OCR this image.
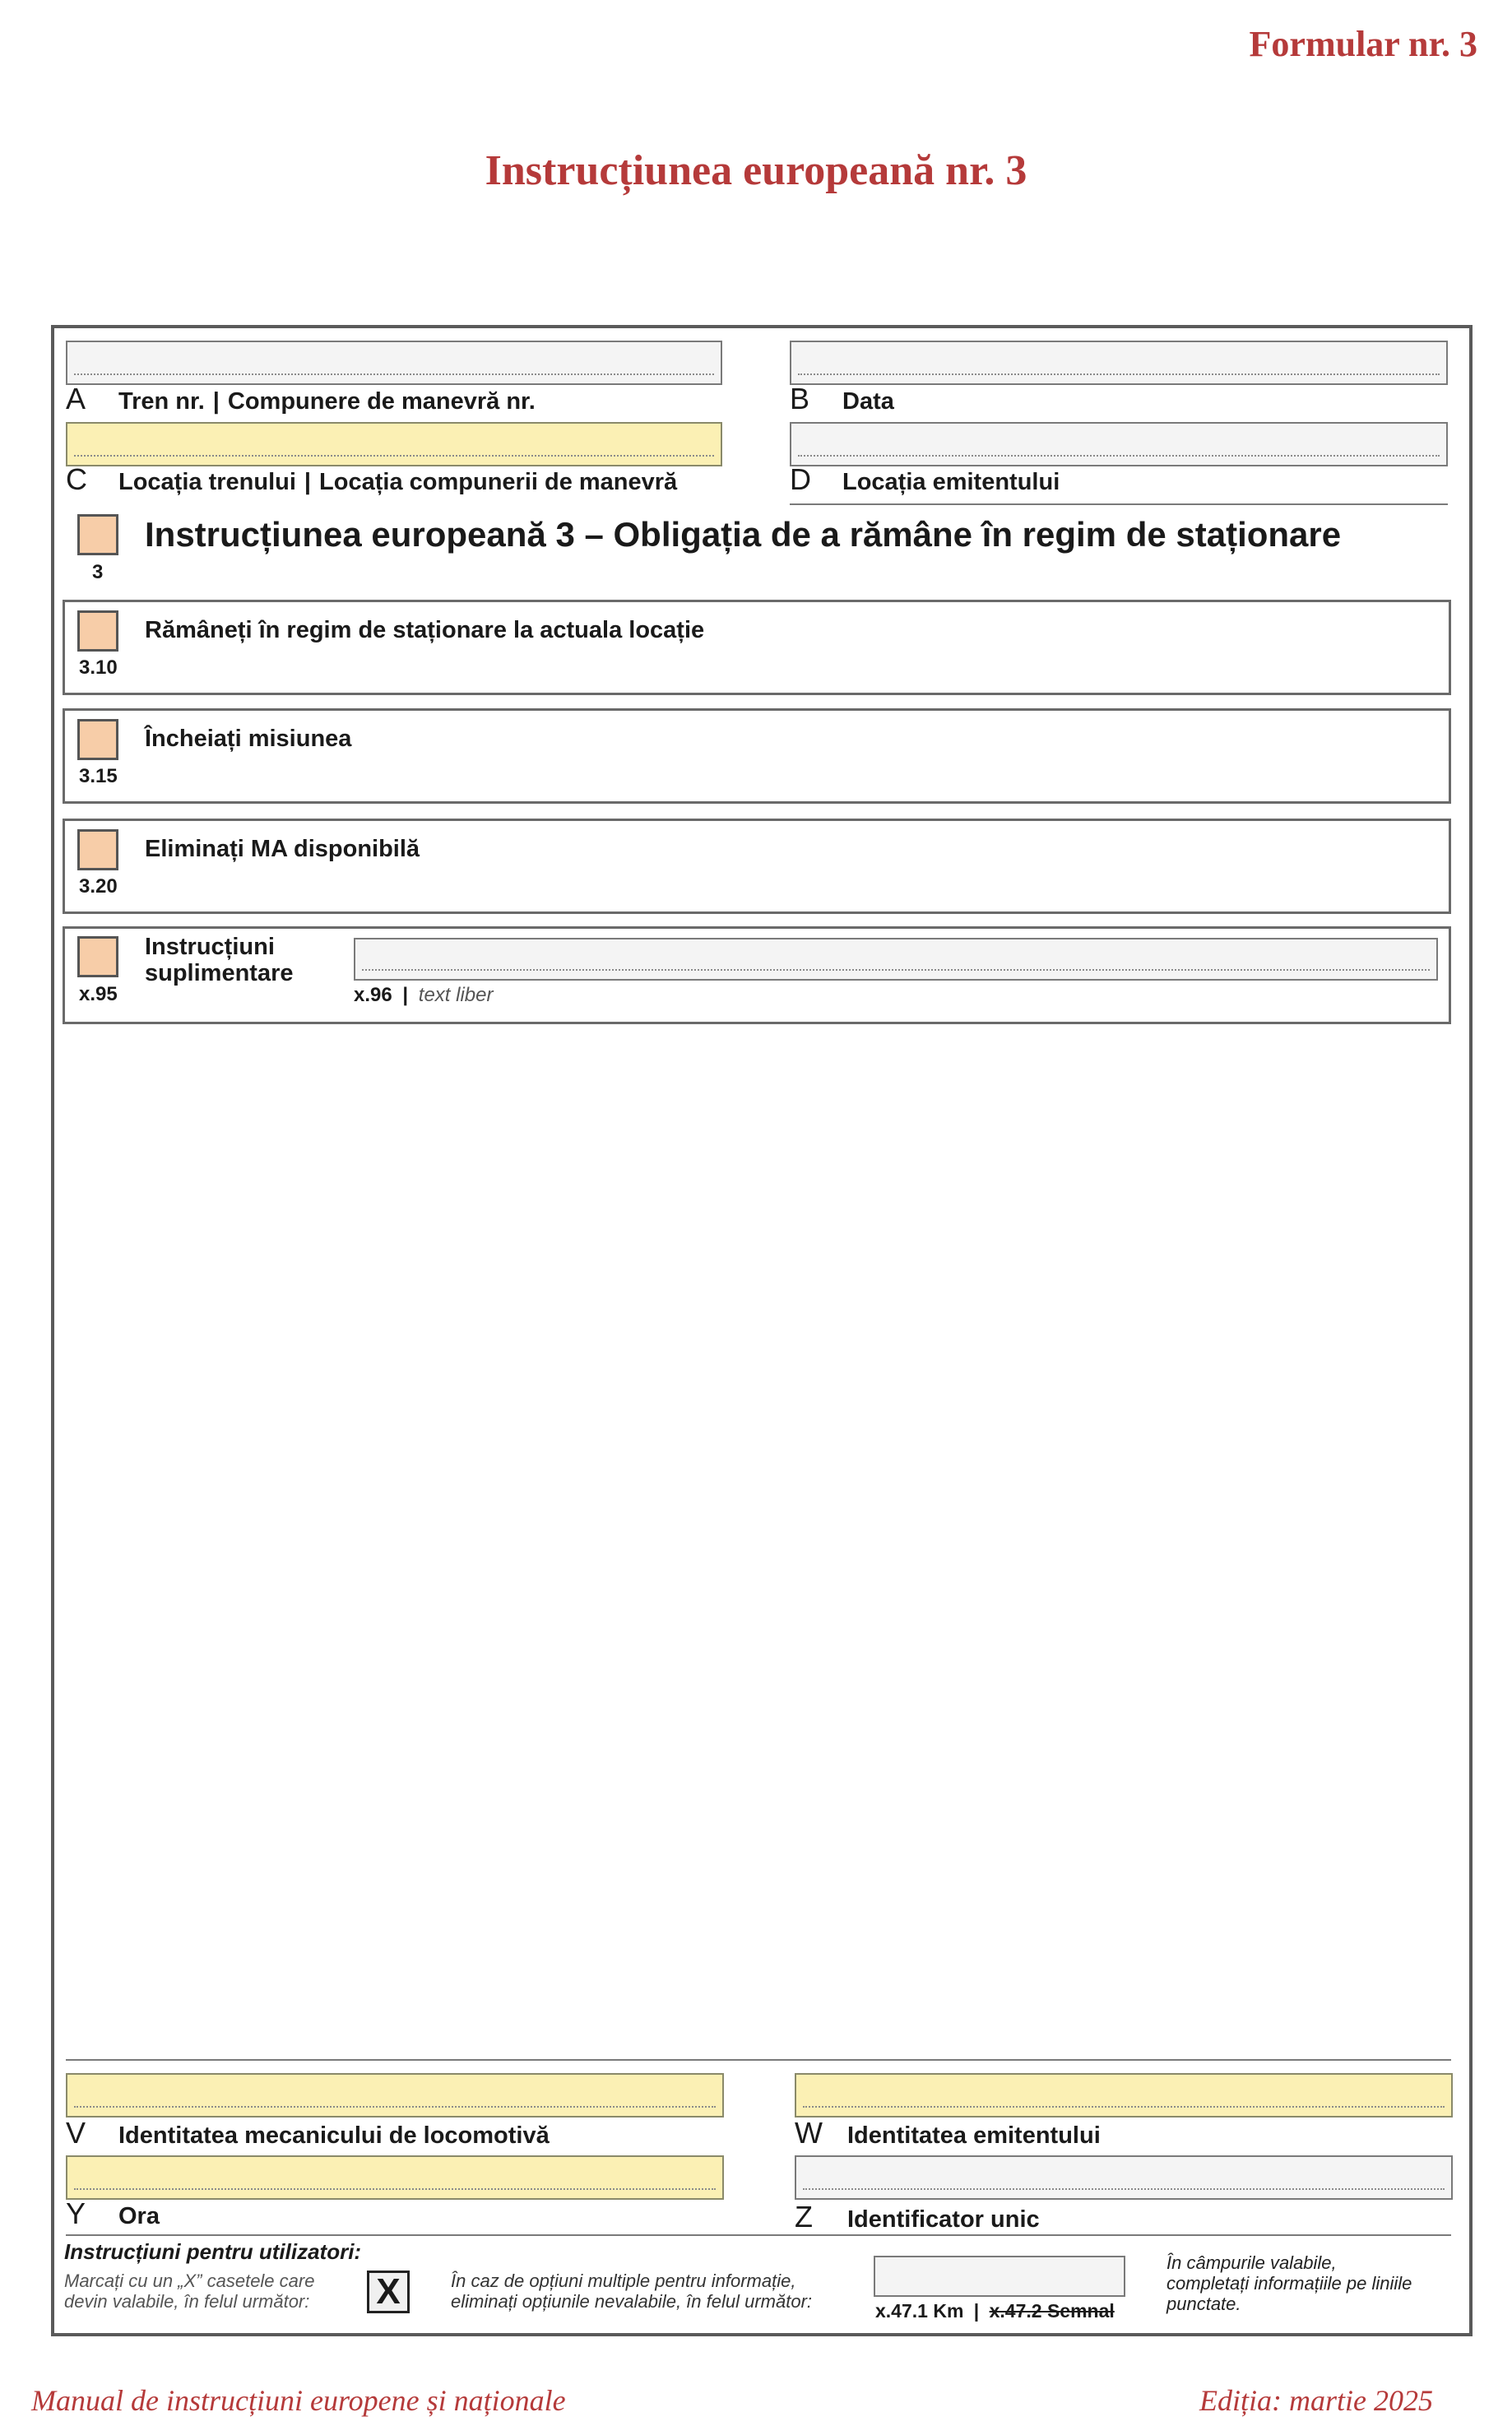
Formular nr. 3
Instrucțiunea europeană nr. 3
A	Tren nr. | Compunere de manevră nr.	B	Data
C	Locația trenului | Locația compunerii de manevră	D	Locația emitentului
3
Instrucțiunea europeană 3 – Obligația de a rămâne în regim de staționare
3.10
Rămâneți în regim de staționare la actuala locație
3.15
Încheiați misiunea
3.20
Eliminați MA disponibilă
x.95
Instrucțiuni
suplimentare
x.96 | text liber
V	Identitatea mecanicului de locomotivă	W	Identitatea emitentului
Y	Ora	Z	Identificator unic
Instrucțiuni pentru utilizatori:
Marcați cu un „X” casetele care
devin valabile, în felul următor: X	În caz de opțiuni multiple pentru informație,
eliminați opțiunile nevalabile, în felul următor:	x.47.1 Km | x.47.2 Semnal
În câmpurile valabile,
completați informațiile pe liniile
punctate.
Manual de instrucțiuni europene și naționale	Ediția: martie 2025
